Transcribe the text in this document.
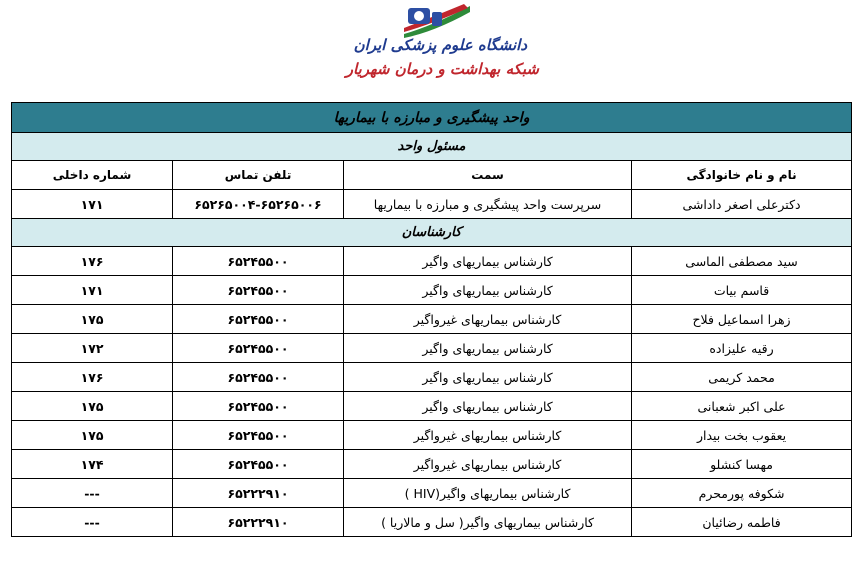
دانشگاه علوم پزشکی ایران
شبکه بهداشت و درمان شهریار
واحد پیشگیری و مبارزه با بیماریها			
مسئول واحد			
نام و نام خانوادگی	سمت	تلفن تماس	شماره داخلی
دکترعلی اصغر داداشی	سرپرست واحد پیشگیری و مبارزه با بیماریها	۶۵۲۶۵۰۰۴-۶۵۲۶۵۰۰۶	۱۷۱
کارشناسان			
سید مصطفی الماسی	کارشناس بیماریهای واگیر	۶۵۲۴۵۵۰۰	۱۷۶
قاسم بیات	کارشناس بیماریهای واگیر	۶۵۲۴۵۵۰۰	۱۷۱
زهرا اسماعیل فلاح	کارشناس بیماریهای غیرواگیر	۶۵۲۴۵۵۰۰	۱۷۵
رقیه علیزاده	کارشناس بیماریهای واگیر	۶۵۲۴۵۵۰۰	۱۷۲
محمد کریمی	کارشناس بیماریهای واگیر	۶۵۲۴۵۵۰۰	۱۷۶
علی اکبر شعبانی	کارشناس بیماریهای واگیر	۶۵۲۴۵۵۰۰	۱۷۵
یعقوب بخت بیدار	کارشناس بیماریهای غیرواگیر	۶۵۲۴۵۵۰۰	۱۷۵
مهسا کنشلو	کارشناس بیماریهای غیرواگیر	۶۵۲۴۵۵۰۰	۱۷۴
شکوفه پورمحرم	کارشناس بیماریهای واگیر(HIV )	۶۵۲۲۲۹۱۰	---
فاطمه رضائیان	کارشناس بیماریهای واگیر( سل و مالاریا )	۶۵۲۲۲۹۱۰	---
